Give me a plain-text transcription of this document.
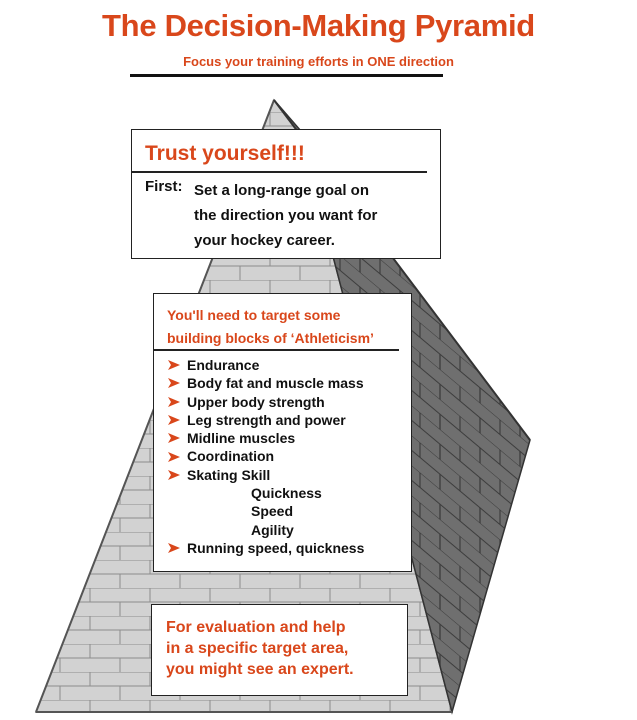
The Decision-Making Pyramid
Focus your training efforts in ONE direction
Trust yourself!!!
First: Set a long-range goal on
the direction you want for
your hockey career.
You'll need to target some
building blocks of ‘Athleticism’
Endurance
Body fat and muscle mass
Upper body strength
Leg strength and power
Midline muscles
Coordination
Skating Skill
Quickness
Speed
Agility
Running speed, quickness
For evaluation and help
in a specific target area,
you might see an expert.
